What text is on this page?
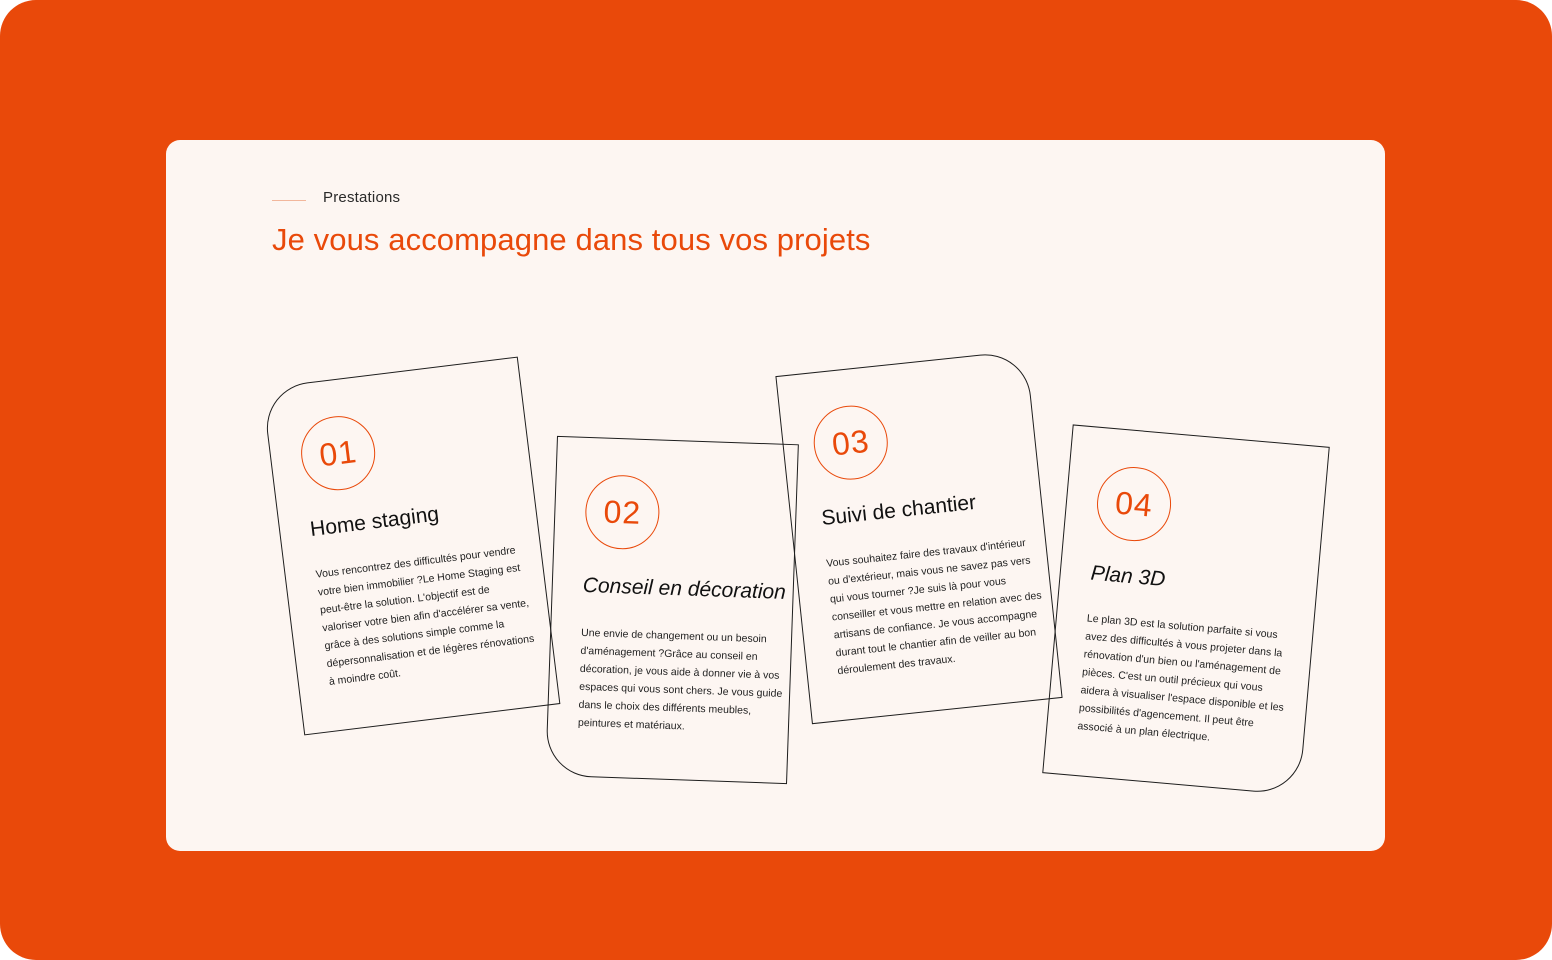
Prestations
Je vous accompagne dans tous vos projets
01
Home staging
Vous rencontrez des difficultés pour vendre votre bien immobilier ?Le Home Staging est peut-être la solution. L'objectif est de valoriser votre bien afin d'accélérer sa vente, grâce à des solutions simple comme la dépersonnalisation et de légères rénovations à moindre coût.
02
Conseil en décoration
Une envie de changement ou un besoin d'aménagement ?Grâce au conseil en décoration, je vous aide à donner vie à vos espaces qui vous sont chers. Je vous guide dans le choix des différents meubles, peintures et matériaux.
03
Suivi de chantier
Vous souhaitez faire des travaux d'intérieur ou d'extérieur, mais vous ne savez pas vers qui vous tourner ?Je suis là pour vous conseiller et vous mettre en relation avec des artisans de confiance. Je vous accompagne durant tout le chantier afin de veiller au bon déroulement des travaux.
04
Plan 3D
Le plan 3D est la solution parfaite si vous avez des difficultés à vous projeter dans la rénovation d'un bien ou l'aménagement de pièces. C'est un outil précieux qui vous aidera à visualiser l'espace disponible et les possibilités d'agencement. Il peut être associé à un plan électrique.
